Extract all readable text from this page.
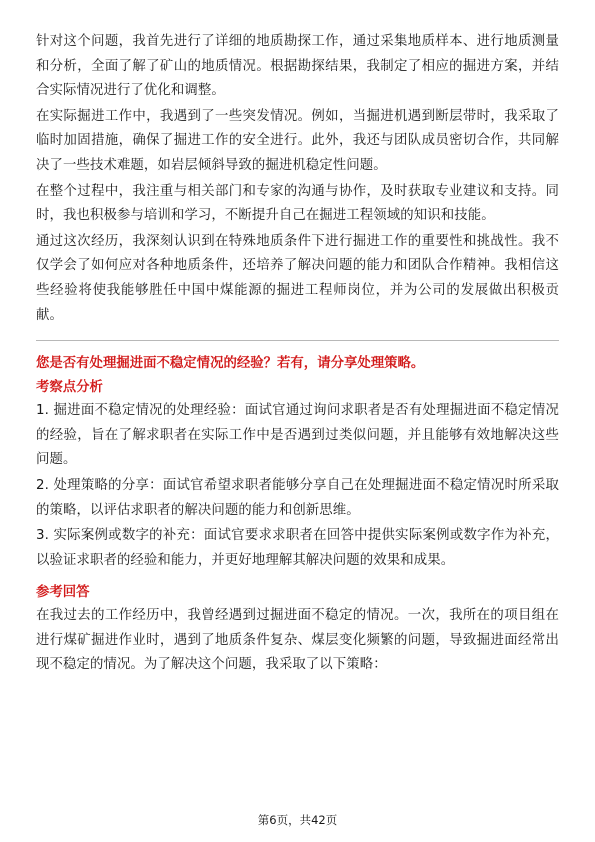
针对这个问题，我首先进行了详细的地质勘探工作，通过采集地质样本、进行地质测量和分析，全面了解了矿山的地质情况。根据勘探结果，我制定了相应的掘进方案，并结合实际情况进行了优化和调整。

在实际掘进工作中，我遇到了一些突发情况。例如，当掘进机遇到断层带时，我采取了临时加固措施，确保了掘进工作的安全进行。此外，我还与团队成员密切合作，共同解决了一些技术难题，如岩层倾斜导致的掘进机稳定性问题。

在整个过程中，我注重与相关部门和专家的沟通与协作，及时获取专业建议和支持。同时，我也积极参与培训和学习，不断提升自己在掘进工程领域的知识和技能。

通过这次经历，我深刻认识到在特殊地质条件下进行掘进工作的重要性和挑战性。我不仅学会了如何应对各种地质条件，还培养了解决问题的能力和团队合作精神。我相信这些经验将使我能够胜任中国中煤能源的掘进工程师岗位，并为公司的发展做出积极贡献。

您是否有处理掘进面不稳定情况的经验？若有，请分享处理策略。
考察点分析

1. 掘进面不稳定情况的处理经验：面试官通过询问求职者是否有处理掘进面不稳定情况的经验，旨在了解求职者在实际工作中是否遇到过类似问题，并且能够有效地解决这些问题。

2. 处理策略的分享：面试官希望求职者能够分享自己在处理掘进面不稳定情况时所采取的策略，以评估求职者的解决问题的能力和创新思维。

3. 实际案例或数字的补充：面试官要求求职者在回答中提供实际案例或数字作为补充，以验证求职者的经验和能力，并更好地理解其解决问题的效果和成果。

参考回答

在我过去的工作经历中，我曾经遇到过掘进面不稳定的情况。一次，我所在的项目组在进行煤矿掘进作业时，遇到了地质条件复杂、煤层变化频繁的问题，导致掘进面经常出现不稳定的情况。为了解决这个问题，我采取了以下策略：

第6页，共42页
